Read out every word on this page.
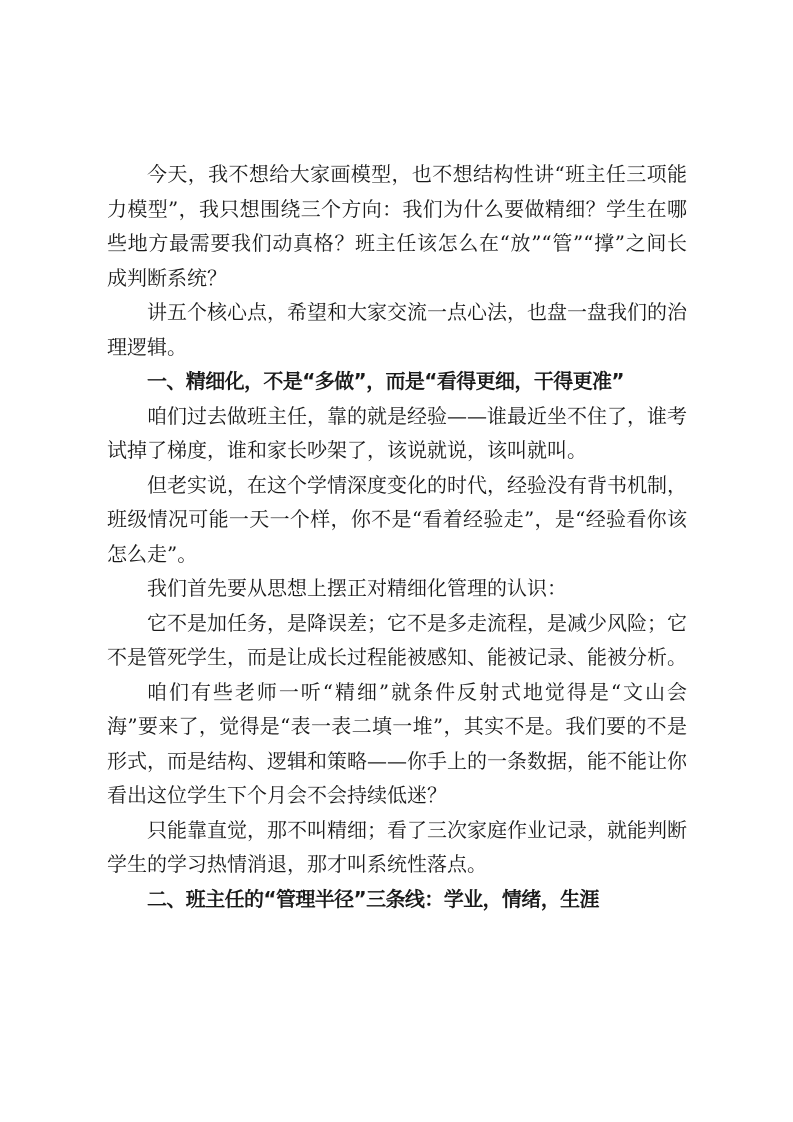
今天，我不想给大家画模型，也不想结构性讲“班主任三项能力模型”，我只想围绕三个方向：我们为什么要做精细？学生在哪些地方最需要我们动真格？班主任该怎么在“放”“管”“撑”之间长成判断系统？

讲五个核心点，希望和大家交流一点心法，也盘一盘我们的治理逻辑。

一、精细化，不是“多做”，而是“看得更细，干得更准”

咱们过去做班主任，靠的就是经验——谁最近坐不住了，谁考试掉了梯度，谁和家长吵架了，该说就说，该叫就叫。

但老实说，在这个学情深度变化的时代，经验没有背书机制，班级情况可能一天一个样，你不是“看着经验走”，是“经验看你该怎么走”。

我们首先要从思想上摆正对精细化管理的认识：

它不是加任务，是降误差；它不是多走流程，是减少风险；它不是管死学生，而是让成长过程能被感知、能被记录、能被分析。

咱们有些老师一听“精细”就条件反射式地觉得是“文山会海”要来了，觉得是“表一表二填一堆”，其实不是。我们要的不是形式，而是结构、逻辑和策略——你手上的一条数据，能不能让你看出这位学生下个月会不会持续低迷？

只能靠直觉，那不叫精细；看了三次家庭作业记录，就能判断学生的学习热情消退，那才叫系统性落点。

二、班主任的“管理半径”三条线：学业，情绪，生涯
